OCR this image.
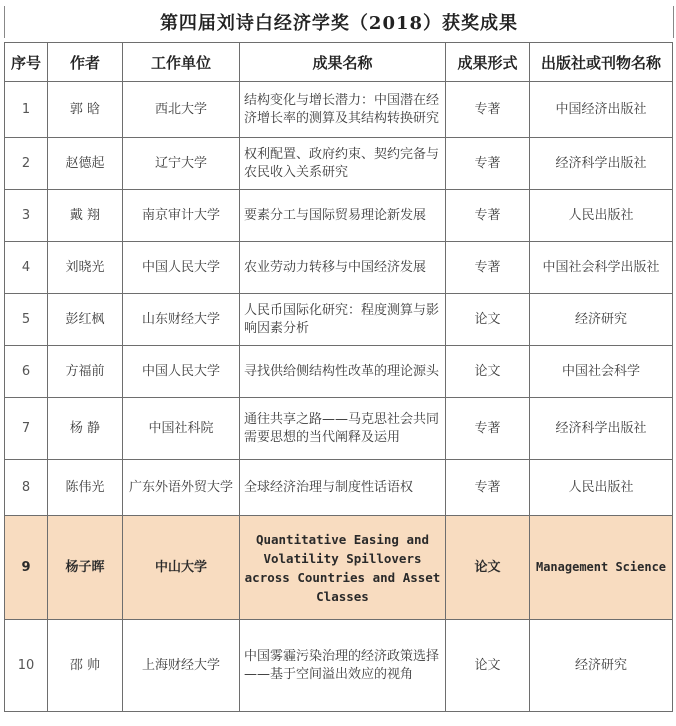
第四届刘诗白经济学奖（2018）获奖成果
序号	作者	工作单位	成果名称	成果形式	出版社或刊物名称
1	郭 晗	西北大学	结构变化与增长潜力：中国潜在经济增长率的测算及其结构转换研究	专著	中国经济出版社
2	赵德起	辽宁大学	权利配置、政府约束、契约完备与农民收入关系研究	专著	经济科学出版社
3	戴 翔	南京审计大学	要素分工与国际贸易理论新发展	专著	人民出版社
4	刘晓光	中国人民大学	农业劳动力转移与中国经济发展	专著	中国社会科学出版社
5	彭红枫	山东财经大学	人民币国际化研究：程度测算与影响因素分析	论文	经济研究
6	方福前	中国人民大学	寻找供给侧结构性改革的理论源头	论文	中国社会科学
7	杨 静	中国社科院	通往共享之路——马克思社会共同需要思想的当代阐释及运用	专著	经济科学出版社
8	陈伟光	广东外语外贸大学	全球经济治理与制度性话语权	专著	人民出版社
9	杨子晖	中山大学	Quantitative Easing and Volatility Spillovers across Countries and Asset Classes	论文	Management Science
10	邵 帅	上海财经大学	中国雾霾污染治理的经济政策选择——基于空间溢出效应的视角	论文	经济研究
